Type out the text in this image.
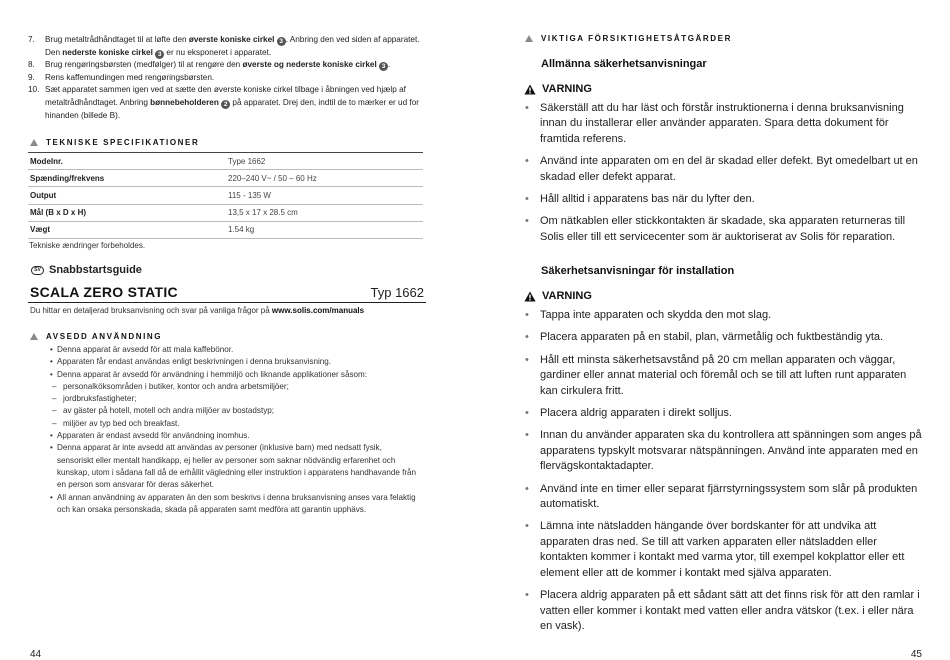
7.	Brug metaltrådhåndtaget til at løfte den øverste koniske cirkel 3 . Anbring den ved siden af apparatet. Den nederste koniske cirkel 3 er nu eksponeret i apparatet.
8.	Brug rengøringsbørsten (medfølger) til at rengøre den øverste og nederste koniske cirkel 3 .
9.	Rens kaffemundingen med rengøringsbørsten.
10. Sæt apparatet sammen igen ved at sætte den øverste koniske cirkel tilbage i åbningen ved hjælp af metaltrådhåndtaget. Anbring bønnebeholderen 2 på apparatet. Drej den, indtil de to mærker er ud for hinanden (billede B).
TEKNISKE SPECIFIKATIONER
Modelnr.	Type 1662
Spænding/frekvens	220–240 V~ / 50 – 60 Hz
Output	115 - 135 W
Mål (B x D x H)	13,5 x 17 x 28.5 cm
Vægt	1.54 kg
Tekniske ændringer forbeholdes.
SV Snabbstartsguide
SCALA ZERO STATIC	Typ 1662
Du hittar en detaljerad bruksanvisning och svar på vanliga frågor på www.solis.com/manuals
AVSEDD ANVÄNDNING
• Denna apparat är avsedd för att mala kaffebönor.
• Apparaten får endast användas enligt beskrivningen i denna bruksanvisning.
• Denna apparat är avsedd för användning i hemmiljö och liknande applikationer såsom:
– personalköksområden i butiker, kontor och andra arbetsmiljöer;
– jordbruksfastigheter;
– av gäster på hotell, motell och andra miljöer av bostadstyp;
– miljöer av typ bed och breakfast.
• Apparaten är endast avsedd för användning inomhus.
• Denna apparat är inte avsedd att användas av personer (inklusive barn) med nedsatt fysik, sensoriskt eller mentalt handikapp, ej heller av personer som saknar nödvändig erfarenhet och kunskap, utom i sådana fall då de erhållit vägledning eller instruktion i apparatens handhavande från en person som ansvarar för deras säkerhet.
• All annan användning av apparaten än den som beskrivs i denna bruksanvisning anses vara felaktig och kan orsaka personskada, skada på apparaten samt medföra att garantin upphävs.
44
VIKTIGA FÖRSIKTIGHETSÅTGÄRDER
Allmänna säkerhetsanvisningar
VARNING
• Säkerställ att du har läst och förstår instruktionerna i denna bruksanvisning innan du installerar eller använder apparaten. Spara detta dokument för framtida referens.
• Använd inte apparaten om en del är skadad eller defekt. Byt omedelbart ut en skadad eller defekt apparat.
• Håll alltid i apparatens bas när du lyfter den.
• Om nätkablen eller stickkontakten är skadade, ska apparaten returneras till Solis eller till ett servicecenter som är auktoriserat av Solis för reparation.
Säkerhetsanvisningar för installation
VARNING
• Tappa inte apparaten och skydda den mot slag.
• Placera apparaten på en stabil, plan, värmetålig och fuktbeständig yta.
• Håll ett minsta säkerhetsavstånd på 20 cm mellan apparaten och väggar, gardiner eller annat material och föremål och se till att luften runt apparaten kan cirkulera fritt.
• Placera aldrig apparaten i direkt solljus.
• Innan du använder apparaten ska du kontrollera att spänningen som anges på apparatens typskylt motsvarar nätspänningen. Använd inte apparaten med en flervägskontaktadapter.
• Använd inte en timer eller separat fjärrstyrningssystem som slår på produkten automatiskt.
• Lämna inte nätsladden hängande över bordskanter för att undvika att apparaten dras ned. Se till att varken apparaten eller nätsladden eller kontakten kommer i kontakt med varma ytor, till exempel kokplattor eller ett element eller att de kommer i kontakt med själva apparaten.
• Placera aldrig apparaten på ett sådant sätt att det finns risk för att den ramlar i vatten eller kommer i kontakt med vatten eller andra vätskor (t.ex. i eller nära en vask).
45
